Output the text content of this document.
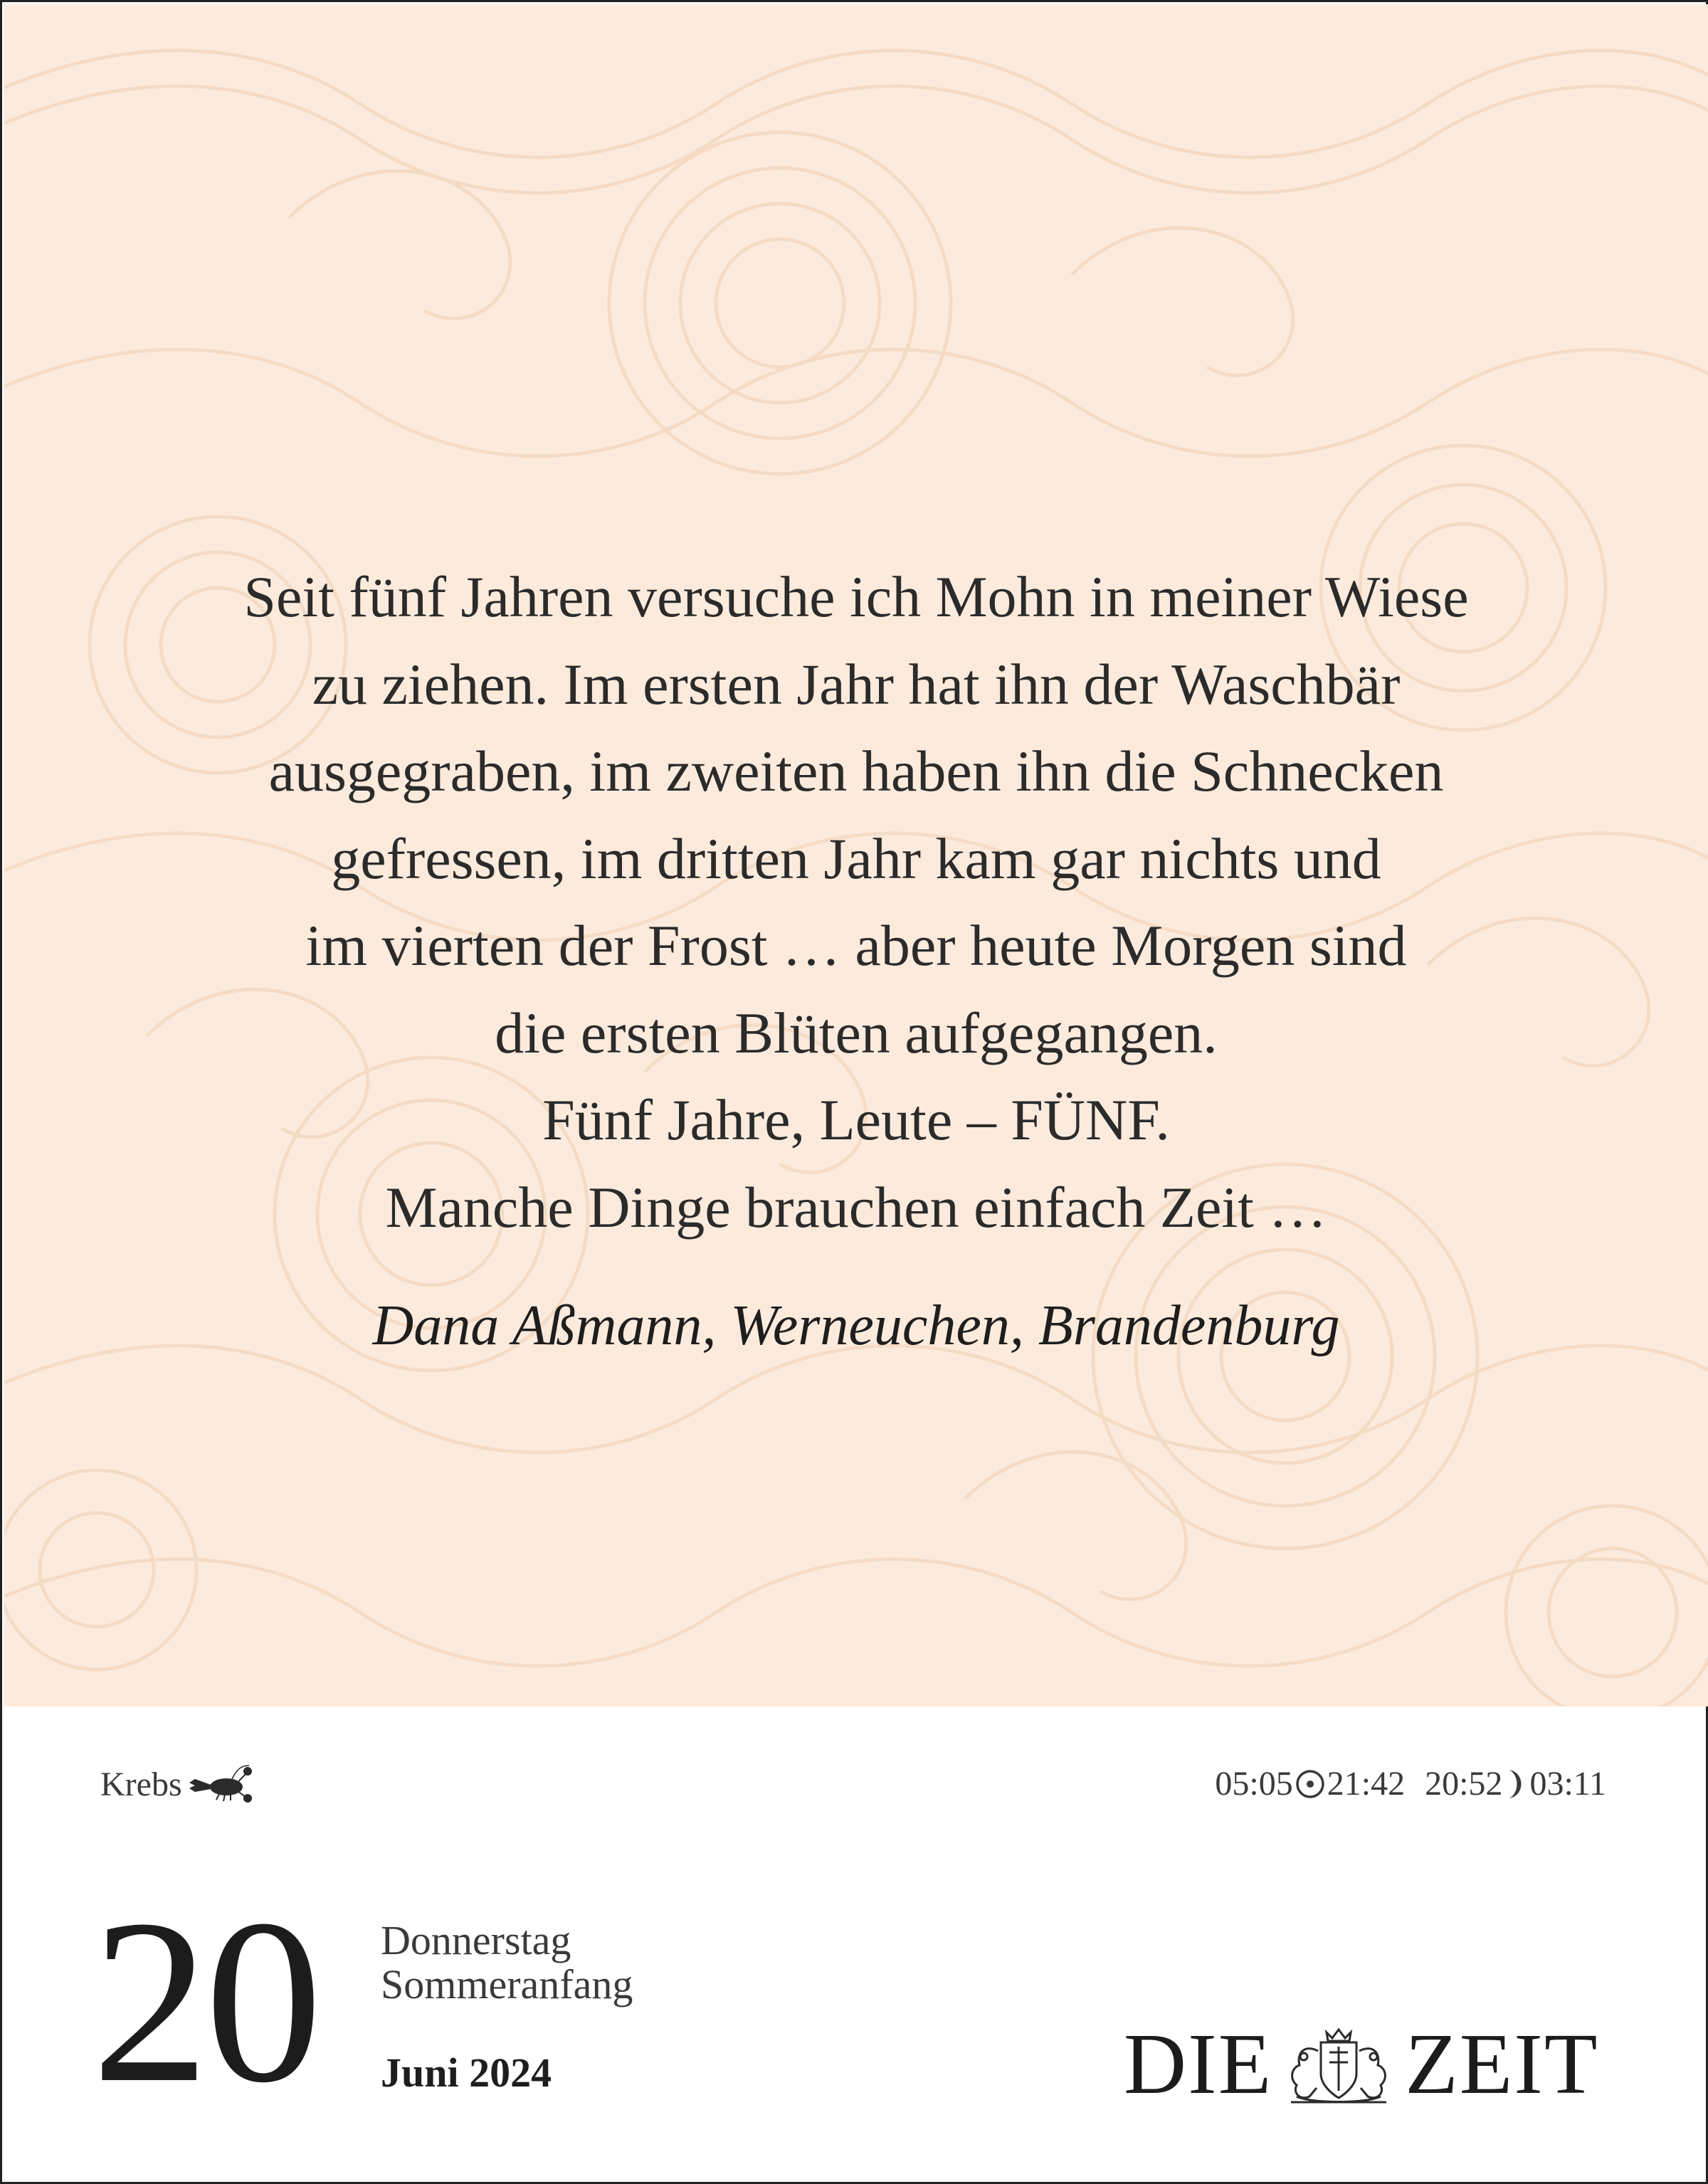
Seit fünf Jahren versuche ich Mohn in meiner Wiese
zu ziehen. Im ersten Jahr hat ihn der Waschbär
ausgegraben, im zweiten haben ihn die Schnecken
gefressen, im dritten Jahr kam gar nichts und
im vierten der Frost … aber heute Morgen sind
die ersten Blüten aufgegangen.
Fünf Jahre, Leute – FÜNF.
Manche Dinge brauchen einfach Zeit …
Dana Aßmann, Werneuchen, Brandenburg
Krebs	05:05 21:42 20:52 03:11
20 Donnerstag
Sommeranfang
Juni 2024	DIE ZEIT
